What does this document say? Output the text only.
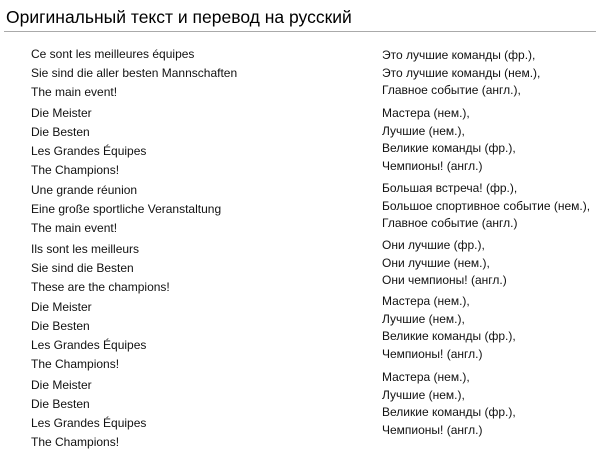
Оригинальный текст и перевод на русский
Ce sont les meilleures équipes
Sie sind die aller besten Mannschaften
The main event!
Die Meister
Die Besten
Les Grandes Équipes
The Champions!
Une grande réunion
Eine große sportliche Veranstaltung
The main event!
Ils sont les meilleurs
Sie sind die Besten
These are the champions!
Die Meister
Die Besten
Les Grandes Équipes
The Champions!
Die Meister
Die Besten
Les Grandes Équipes
The Champions!
Это лучшие команды (фр.),
Это лучшие команды (нем.),
Главное событие (англ.),
Мастера (нем.),
Лучшие (нем.),
Великие команды (фр.),
Чемпионы! (англ.)
Большая встреча! (фр.),
Большое спортивное событие (нем.),
Главное событие (англ.)
Они лучшие (фр.),
Они лучшие (нем.),
Они чемпионы! (англ.)
Мастера (нем.),
Лучшие (нем.),
Великие команды (фр.),
Чемпионы! (англ.)
Мастера (нем.),
Лучшие (нем.),
Великие команды (фр.),
Чемпионы! (англ.)
